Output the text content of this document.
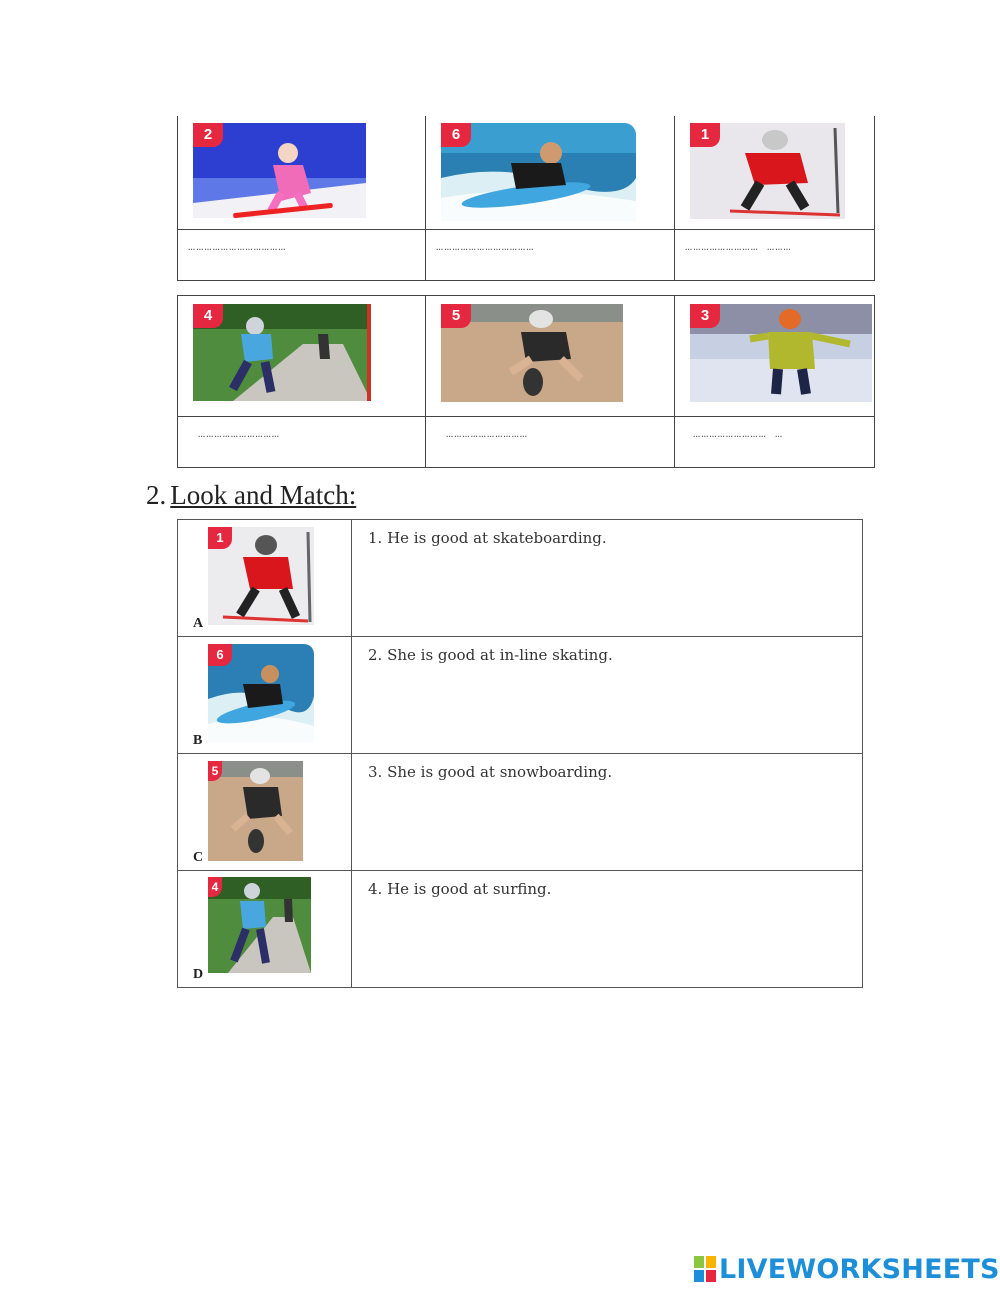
2	6	1

………………………………	………………………………	……………………… ………
4	5	3

…………………………	…………………………	……………………… …
2. Look and Match:
1
A	1. He is good at skateboarding.

6
B	2. She is good at in-line skating.

5
C	3. She is good at snowboarding.

4
D	4. He is good at surfing.
LIVEWORKSHEETS
